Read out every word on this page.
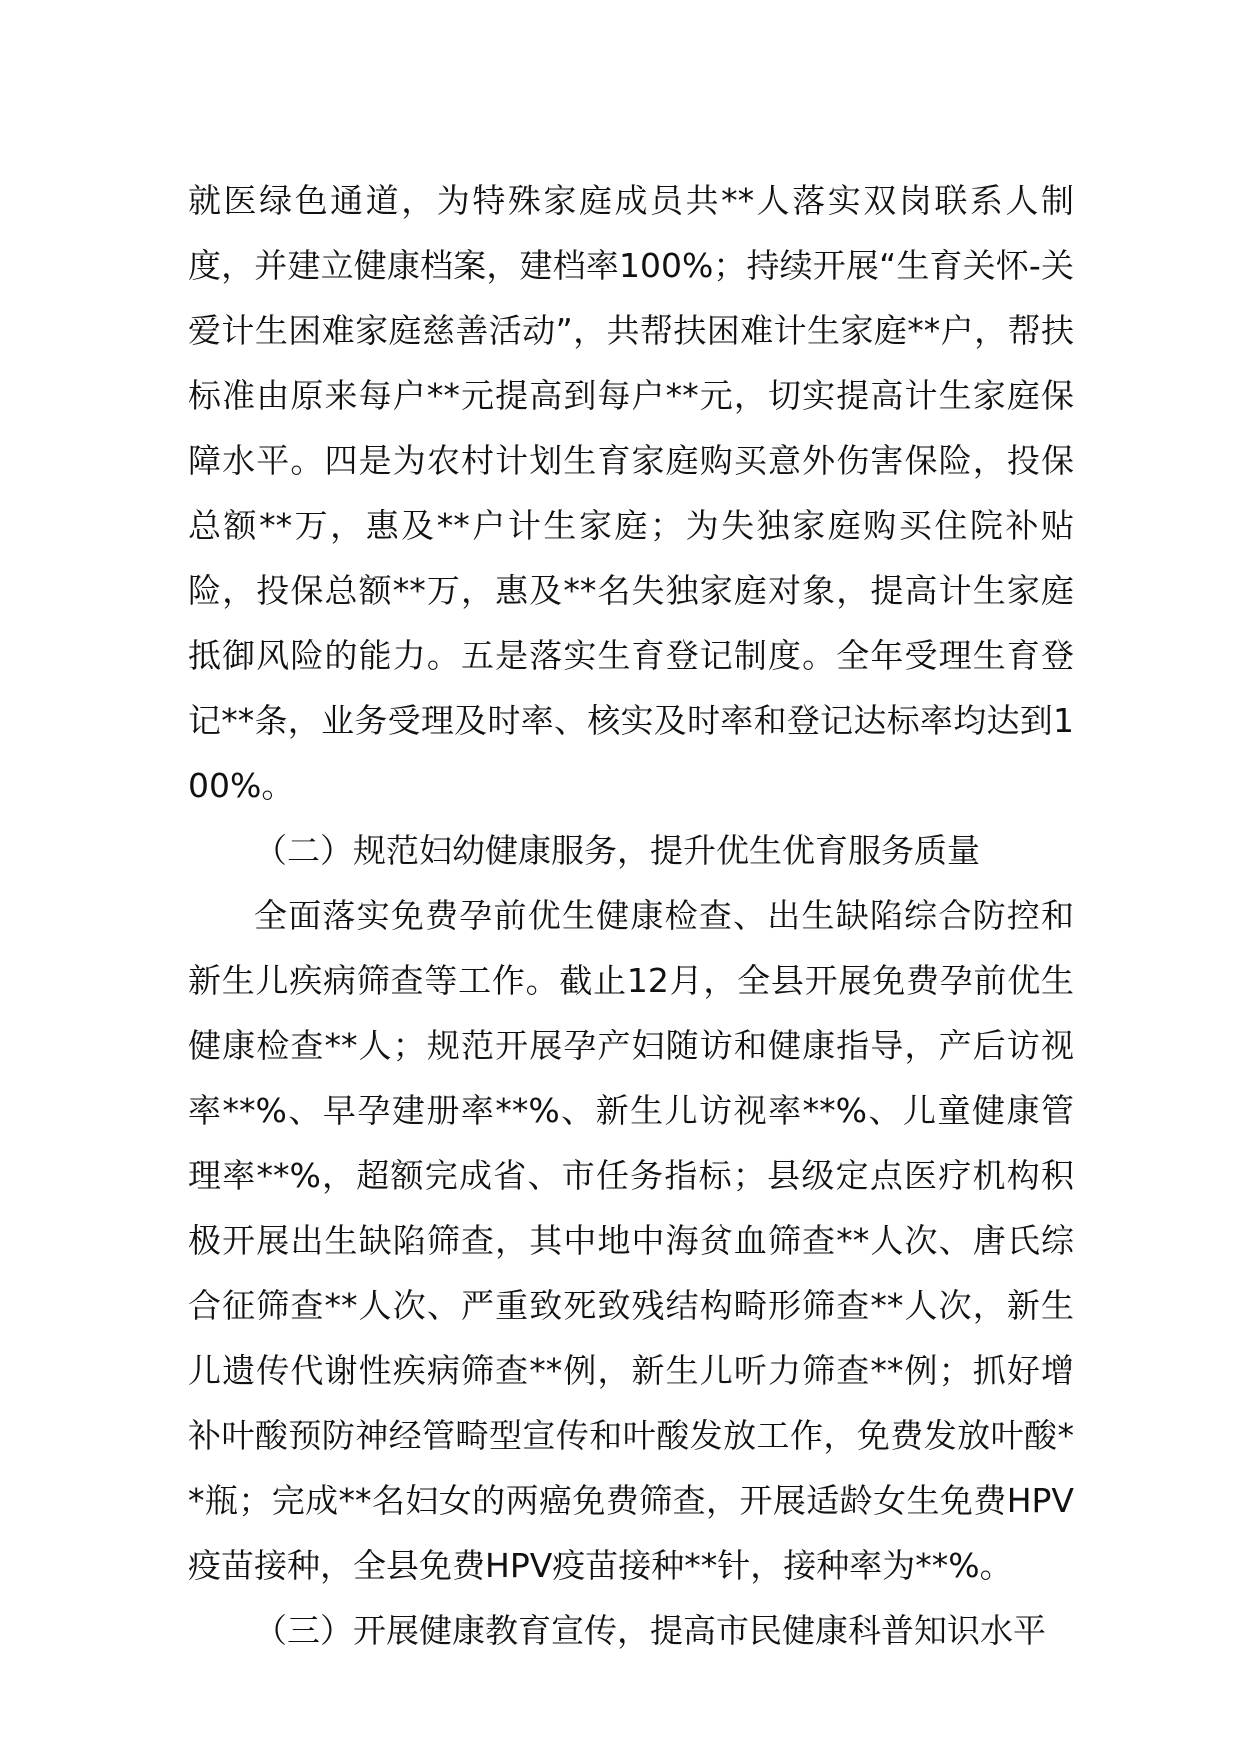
就医绿色通道，为特殊家庭成员共**人落实双岗联系人制度，并建立健康档案，建档率100%；持续开展“生育关怀-关爱计生困难家庭慈善活动”，共帮扶困难计生家庭**户，帮扶标准由原来每户**元提高到每户**元，切实提高计生家庭保障水平。四是为农村计划生育家庭购买意外伤害保险，投保总额**万，惠及**户计生家庭；为失独家庭购买住院补贴险，投保总额**万，惠及**名失独家庭对象，提高计生家庭抵御风险的能力。五是落实生育登记制度。全年受理生育登记**条，业务受理及时率、核实及时率和登记达标率均达到100%。

（二）规范妇幼健康服务，提升优生优育服务质量

全面落实免费孕前优生健康检查、出生缺陷综合防控和新生儿疾病筛查等工作。截止12月，全县开展免费孕前优生健康检查**人；规范开展孕产妇随访和健康指导，产后访视率**%、早孕建册率**%、新生儿访视率**%、儿童健康管理率**%，超额完成省、市任务指标；县级定点医疗机构积极开展出生缺陷筛查，其中地中海贫血筛查**人次、唐氏综合征筛查**人次、严重致死致残结构畸形筛查**人次，新生儿遗传代谢性疾病筛查**例，新生儿听力筛查**例；抓好增补叶酸预防神经管畸型宣传和叶酸发放工作，免费发放叶酸**瓶；完成**名妇女的两癌免费筛查，开展适龄女生免费HPV疫苗接种，全县免费HPV疫苗接种**针，接种率为**%。

（三）开展健康教育宣传，提高市民健康科普知识水平
